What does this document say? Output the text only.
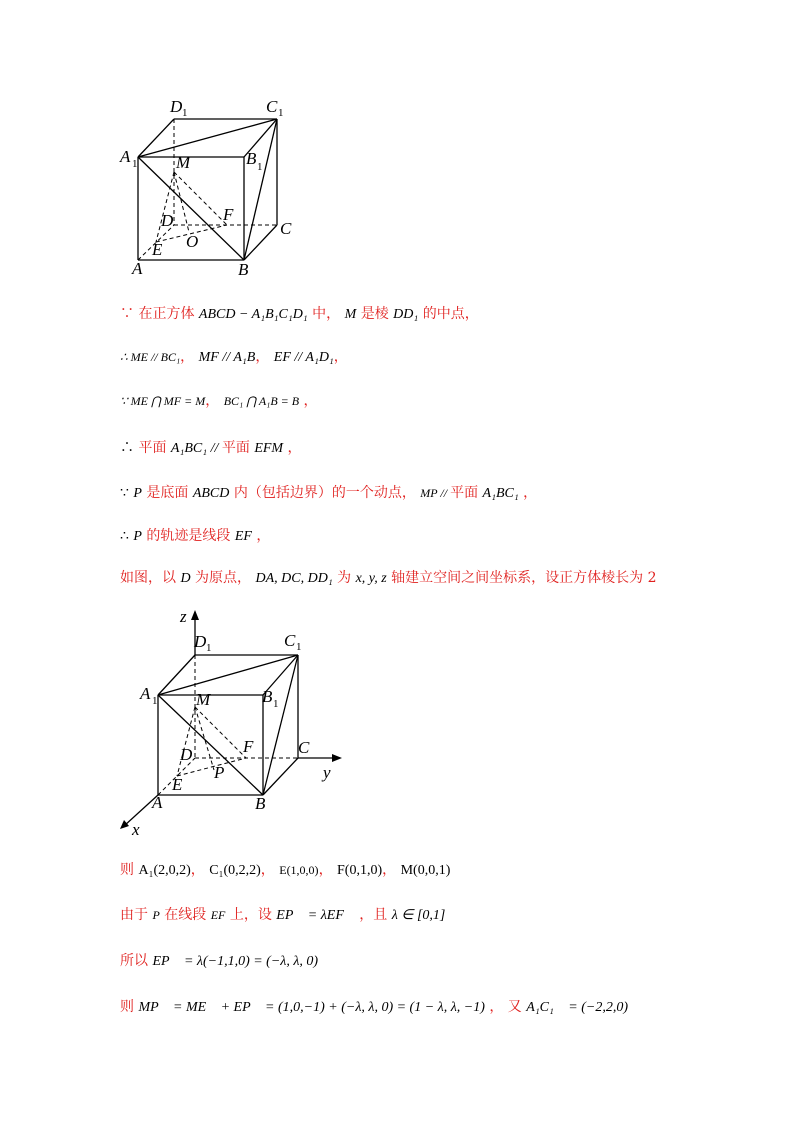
D 1	C 1
A 1	B 1
M
F
C
D
O
E
A	B
∵ 在正方体 ABCD − A₁B₁C₁D₁ 中， M 是棱 DD₁ 的中点，
∴ ME // BC₁， MF // A₁B， EF // A₁D₁，
∵ ME ⋂ MF = M， BC₁ ⋂ A₁B = B ，
∴ 平面 A₁BC₁ // 平面 EFM ，
∵ P 是底面 ABCD 内（包括边界）的一个动点， MP // 平面 A₁BC₁ ，
∴ P 的轨迹是线段 EF ，
如图，以 D 为原点， DA, DC, DD₁ 为 x, y, z 轴建立空间之间坐标系，设正方体棱长为 2
z
y
x
D 1	C 1
A 1	B 1
M
F	C
D
P
E
A	B
则 A₁(2,0,2)， C₁(0,2,2)， E(1,0,0)， F(0,1,0)， M(0,0,1)
由于 P 在线段 EF 上，设 EP⃗ = λEF⃗ ，且 λ ∈ [0,1]
所以 EP⃗ = λ(−1,1,0) = (−λ, λ, 0)
则 MP⃗ = ME⃗ + EP⃗ = (1,0,−1) + (−λ, λ, 0) = (1 − λ, λ, −1) ， 又 A₁C₁⃗ = (−2,2,0)
